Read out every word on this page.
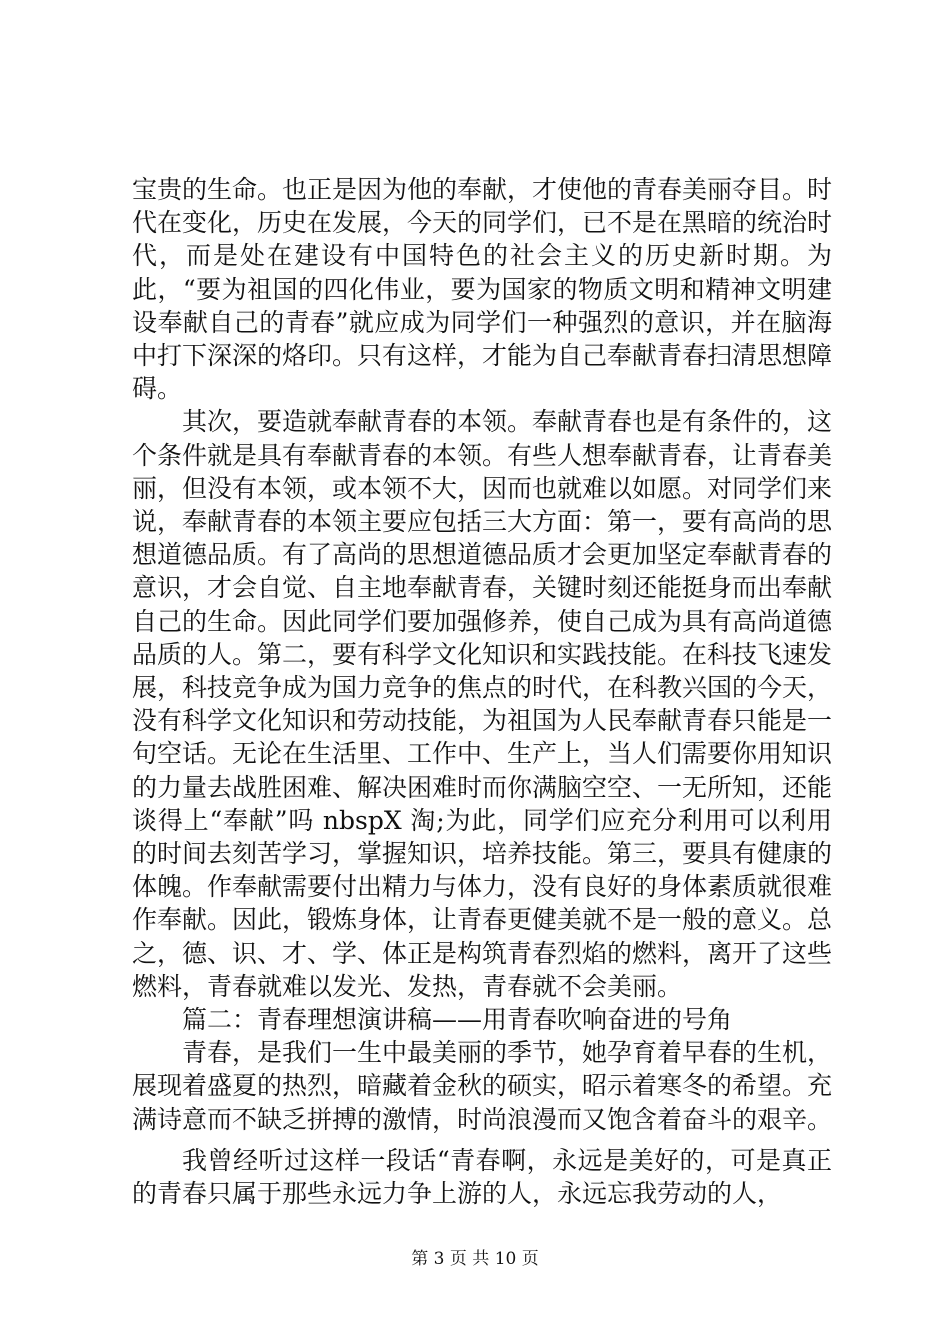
宝贵的生命。也正是因为他的奉献，才使他的青春美丽夺目。时代在变化，历史在发展，今天的同学们，已不是在黑暗的统治时代，而是处在建设有中国特色的社会主义的历史新时期。为此，“要为祖国的四化伟业，要为国家的物质文明和精神文明建设奉献自己的青春”就应成为同学们一种强烈的意识，并在脑海中打下深深的烙印。只有这样，才能为自己奉献青春扫清思想障碍。

其次，要造就奉献青春的本领。奉献青春也是有条件的，这个条件就是具有奉献青春的本领。有些人想奉献青春，让青春美丽，但没有本领，或本领不大，因而也就难以如愿。对同学们来说，奉献青春的本领主要应包括三大方面：第一，要有高尚的思想道德品质。有了高尚的思想道德品质才会更加坚定奉献青春的意识，才会自觉、自主地奉献青春，关键时刻还能挺身而出奉献自己的生命。因此同学们要加强修养，使自己成为具有高尚道德品质的人。第二，要有科学文化知识和实践技能。在科技飞速发展，科技竞争成为国力竞争的焦点的时代，在科教兴国的今天，没有科学文化知识和劳动技能，为祖国为人民奉献青春只能是一句空话。无论在生活里、工作中、生产上，当人们需要你用知识的力量去战胜困难、解决困难时而你满脑空空、一无所知，还能谈得上“奉献”吗 nbspX 淘;为此，同学们应充分利用可以利用的时间去刻苦学习，掌握知识，培养技能。第三，要具有健康的体魄。作奉献需要付出精力与体力，没有良好的身体素质就很难作奉献。因此，锻炼身体，让青春更健美就不是一般的意义。总之，德、识、才、学、体正是构筑青春烈焰的燃料，离开了这些燃料，青春就难以发光、发热，青春就不会美丽。

篇二：青春理想演讲稿——用青春吹响奋进的号角

青春，是我们一生中最美丽的季节，她孕育着早春的生机，展现着盛夏的热烈，暗藏着金秋的硕实，昭示着寒冬的希望。充满诗意而不缺乏拼搏的激情，时尚浪漫而又饱含着奋斗的艰辛。

我曾经听过这样一段话“青春啊，永远是美好的，可是真正的青春只属于那些永远力争上游的人，永远忘我劳动的人，

第 3 页 共 10 页
